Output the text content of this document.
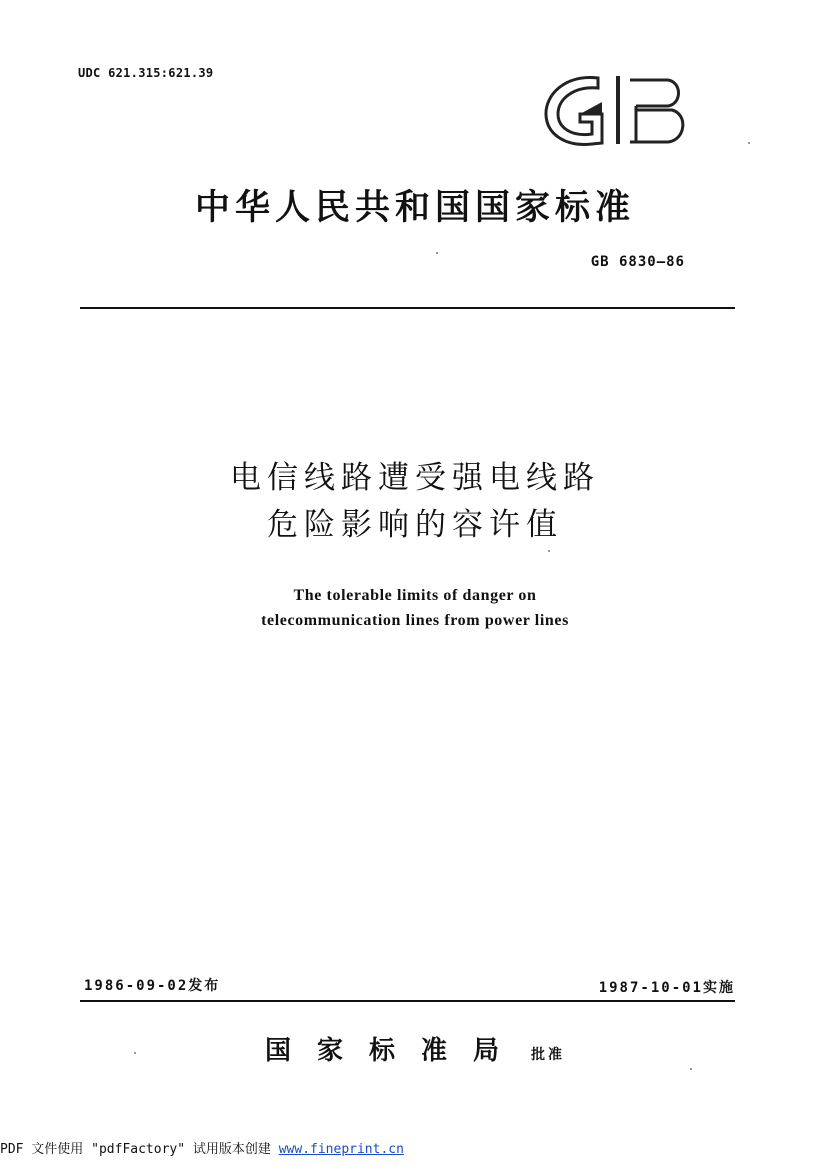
UDC 621.315:621.39
中华人民共和国国家标准
GB 6830—86
电信线路遭受强电线路
危险影响的容许值
The tolerable limits of danger on
telecommunication lines from power lines
1986-09-02发布	1987-10-01实施
国家标准局 批准
PDF 文件使用 "pdfFactory" 试用版本创建 www.fineprint.cn
